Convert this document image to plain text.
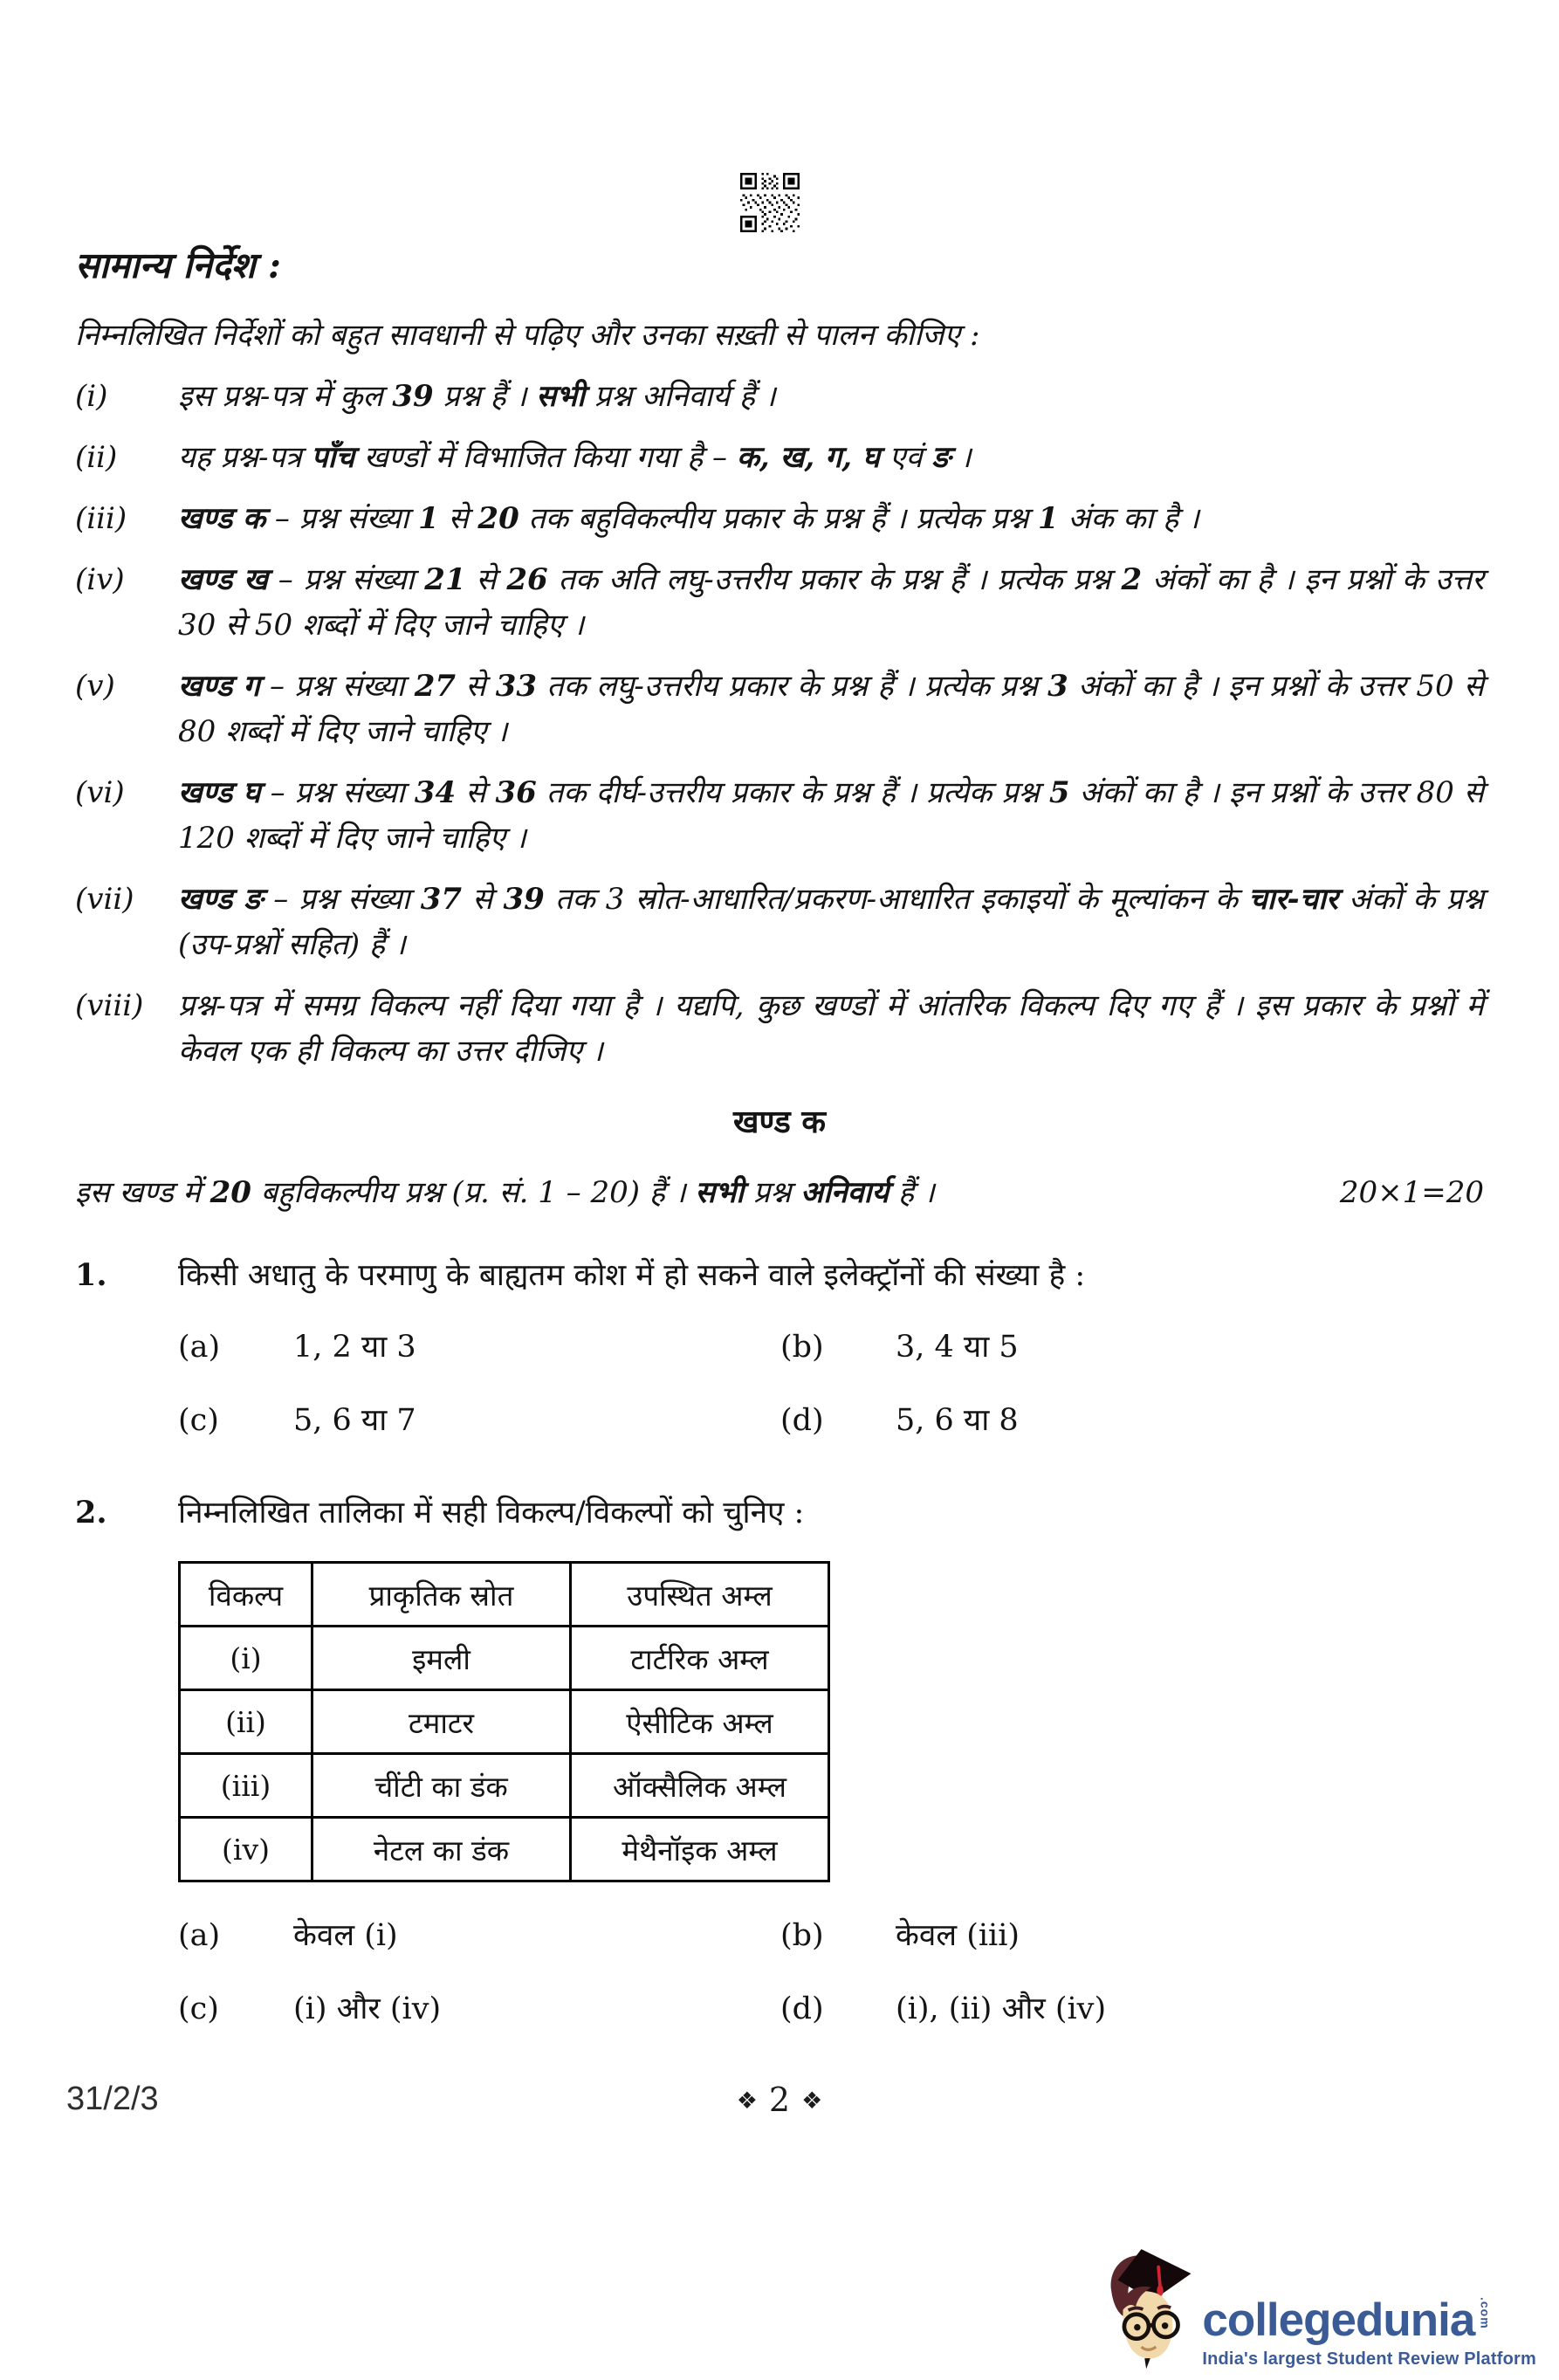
सामान्य निर्देश :

निम्नलिखित निर्देशों को बहुत सावधानी से पढ़िए और उनका सख़्ती से पालन कीजिए :

(i)	इस प्रश्न-पत्र में कुल 39 प्रश्न हैं । सभी प्रश्न अनिवार्य हैं ।
(ii)	यह प्रश्न-पत्र पाँच खण्डों में विभाजित किया गया है – क, ख, ग, घ एवं ङ ।
(iii)	खण्ड क – प्रश्न संख्या 1 से 20 तक बहुविकल्पीय प्रकार के प्रश्न हैं । प्रत्येक प्रश्न 1 अंक का है ।
(iv)	खण्ड ख – प्रश्न संख्या 21 से 26 तक अति लघु-उत्तरीय प्रकार के प्रश्न हैं । प्रत्येक प्रश्न 2 अंकों का है । इन प्रश्नों के उत्तर 30 से 50 शब्दों में दिए जाने चाहिए ।
(v)	खण्ड ग – प्रश्न संख्या 27 से 33 तक लघु-उत्तरीय प्रकार के प्रश्न हैं । प्रत्येक प्रश्न 3 अंकों का है । इन प्रश्नों के उत्तर 50 से 80 शब्दों में दिए जाने चाहिए ।
(vi)	खण्ड घ – प्रश्न संख्या 34 से 36 तक दीर्घ-उत्तरीय प्रकार के प्रश्न हैं । प्रत्येक प्रश्न 5 अंकों का है । इन प्रश्नों के उत्तर 80 से 120 शब्दों में दिए जाने चाहिए ।
(vii)	खण्ड ङ – प्रश्न संख्या 37 से 39 तक 3 स्रोत-आधारित/प्रकरण-आधारित इकाइयों के मूल्यांकन के चार-चार अंकों के प्रश्न (उप-प्रश्नों सहित) हैं ।
(viii)	प्रश्न-पत्र में समग्र विकल्प नहीं दिया गया है । यद्यपि, कुछ खण्डों में आंतरिक विकल्प दिए गए हैं । इस प्रकार के प्रश्नों में केवल एक ही विकल्प का उत्तर दीजिए ।
खण्ड क
इस खण्ड में 20 बहुविकल्पीय प्रश्न (प्र. सं. 1 – 20) हैं । सभी प्रश्न अनिवार्य हैं ।	20×1=20
1.	किसी अधातु के परमाणु के बाह्यतम कोश में हो सकने वाले इलेक्ट्रॉनों की संख्या है :
(a)	1, 2 या 3	(b)	3, 4 या 5
(c)	5, 6 या 7	(d)	5, 6 या 8
2.	निम्नलिखित तालिका में सही विकल्प/विकल्पों को चुनिए :
विकल्प	प्राकृतिक स्रोत	उपस्थित अम्ल
(i)	इमली	टार्टरिक अम्ल
(ii)	टमाटर	ऐसीटिक अम्ल
(iii)	चींटी का डंक	ऑक्सैलिक अम्ल
(iv)	नेटल का डंक	मेथैनॉइक अम्ल
(a)	केवल (i)	(b)	केवल (iii)
(c)	(i) और (iv)	(d)	(i), (ii) और (iv)
31/2/3	❖ 2 ❖
collegedunia .com
India's largest Student Review Platform
